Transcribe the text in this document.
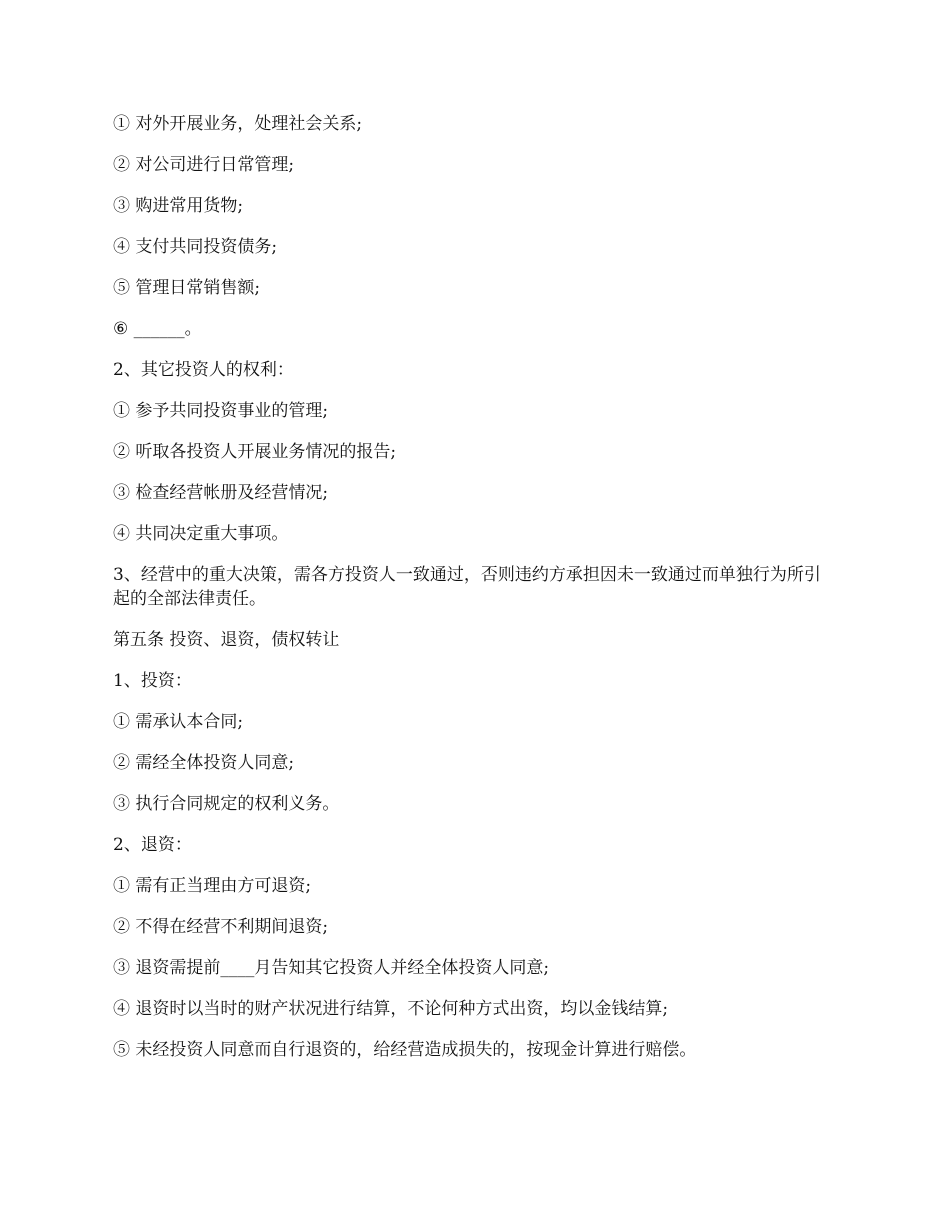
① 对外开展业务，处理社会关系;

② 对公司进行日常管理;

③ 购进常用货物;

④ 支付共同投资债务;

⑤ 管理日常销售额;

⑥ ______。

2、其它投资人的权利：

① 参予共同投资事业的管理;

② 听取各投资人开展业务情况的报告;

③ 检查经营帐册及经营情况;

④ 共同决定重大事项。

3、经营中的重大决策，需各方投资人一致通过，否则违约方承担因未一致通过而单独行为所引起的全部法律责任。

第五条 投资、退资，债权转让

1、投资：

① 需承认本合同;

② 需经全体投资人同意;

③ 执行合同规定的权利义务。

2、退资：

① 需有正当理由方可退资;

② 不得在经营不利期间退资;

③ 退资需提前____月告知其它投资人并经全体投资人同意;

④ 退资时以当时的财产状况进行结算，不论何种方式出资，均以金钱结算;

⑤ 未经投资人同意而自行退资的，给经营造成损失的，按现金计算进行赔偿。
